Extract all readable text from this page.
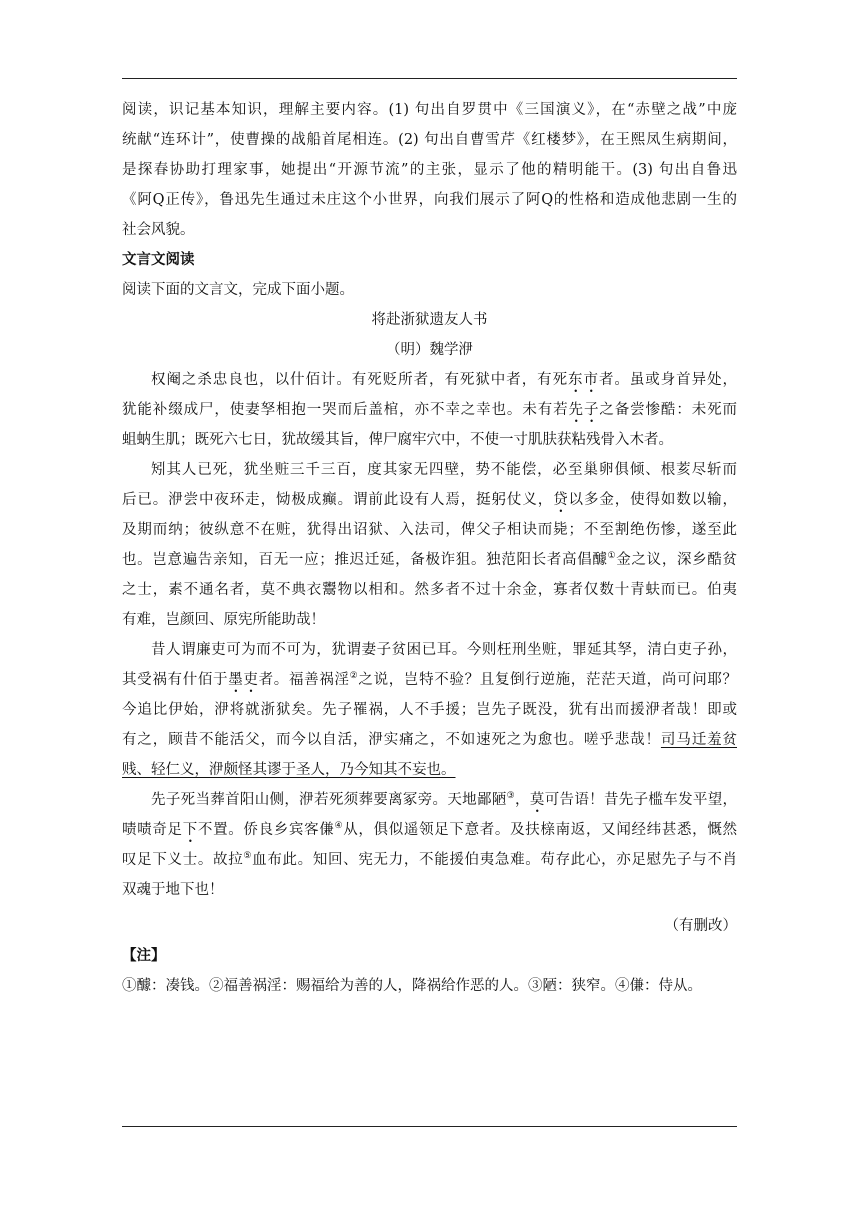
阅读，识记基本知识，理解主要内容。(1) 句出自罗贯中《三国演义》，在“赤壁之战”中庞
统献“连环计”，使曹操的战船首尾相连。(2) 句出自曹雪芹《红楼梦》，在王熙凤生病期间，
是探春协助打理家事，她提出“开源节流”的主张，显示了他的精明能干。(3) 句出自鲁迅
《阿Q正传》，鲁迅先生通过未庄这个小世界，向我们展示了阿Q的性格和造成他悲剧一生的
社会风貌。
文言文阅读
阅读下面的文言文，完成下面小题。
将赴浙狱遗友人书
（明）魏学洢
权阉之杀忠良也，以什佰计。有死贬所者，有死狱中者，有死东市者。虽或身首异处，
犹能补缀成尸，使妻孥相抱一哭而后盖棺，亦不幸之幸也。未有若先子之备尝惨酷：未死而
蛆蚋生肌；既死六七日，犹故缓其旨，俾尸腐牢穴中，不使一寸肌肤获粘残骨入木者。
矧其人已死，犹坐赃三千三百，度其家无四壁，势不能偿，必至巢卵俱倾、根荄尽斩而
后已。洢尝中夜环走，恸极成癫。谓前此设有人焉，挺躬仗义，贷以多金，使得如数以输，
及期而纳；彼纵意不在赃，犹得出诏狱、入法司，俾父子相诀而毙；不至割绝伤惨，遂至此
也。岂意遍告亲知，百无一应；推迟迁延，备极诈狙。独范阳长者高倡醵①金之议，深乡酷贫
之士，素不通名者，莫不典衣鬻物以相和。然多者不过十余金，寡者仅数十青蚨而已。伯夷
有难，岂颜回、原宪所能助哉！
昔人谓廉吏可为而不可为，犹谓妻子贫困已耳。今则枉刑坐赃，罪延其孥，清白吏子孙，
其受祸有什佰于墨吏者。福善祸淫②之说，岂特不验？且复倒行逆施，茫茫天道，尚可问耶？
今追比伊始，洢将就浙狱矣。先子罹祸，人不手援；岂先子既没，犹有出而援洢者哉！即或
有之，顾昔不能活父，而今以自活，洢实痛之，不如速死之为愈也。嗟乎悲哉！司马迁羞贫
贱、轻仁义，洢颇怪其谬于圣人，乃今知其不妄也。
先子死当葬首阳山侧，洢若死须葬要离冢旁。天地鄙陋③，莫可告语！昔先子槛车发平望，
啧啧奇足下不置。侨良乡宾客傔④从，俱似遥领足下意者。及扶榇南返，又闻经纬甚悉，慨然
叹足下义士。故拉⑤血布此。知回、宪无力，不能援伯夷急难。苟存此心，亦足慰先子与不肖
双魂于地下也！
（有删改）
【注】
①醵：凑钱。②福善祸淫：赐福给为善的人，降祸给作恶的人。③陋：狭窄。④傔：侍从。
